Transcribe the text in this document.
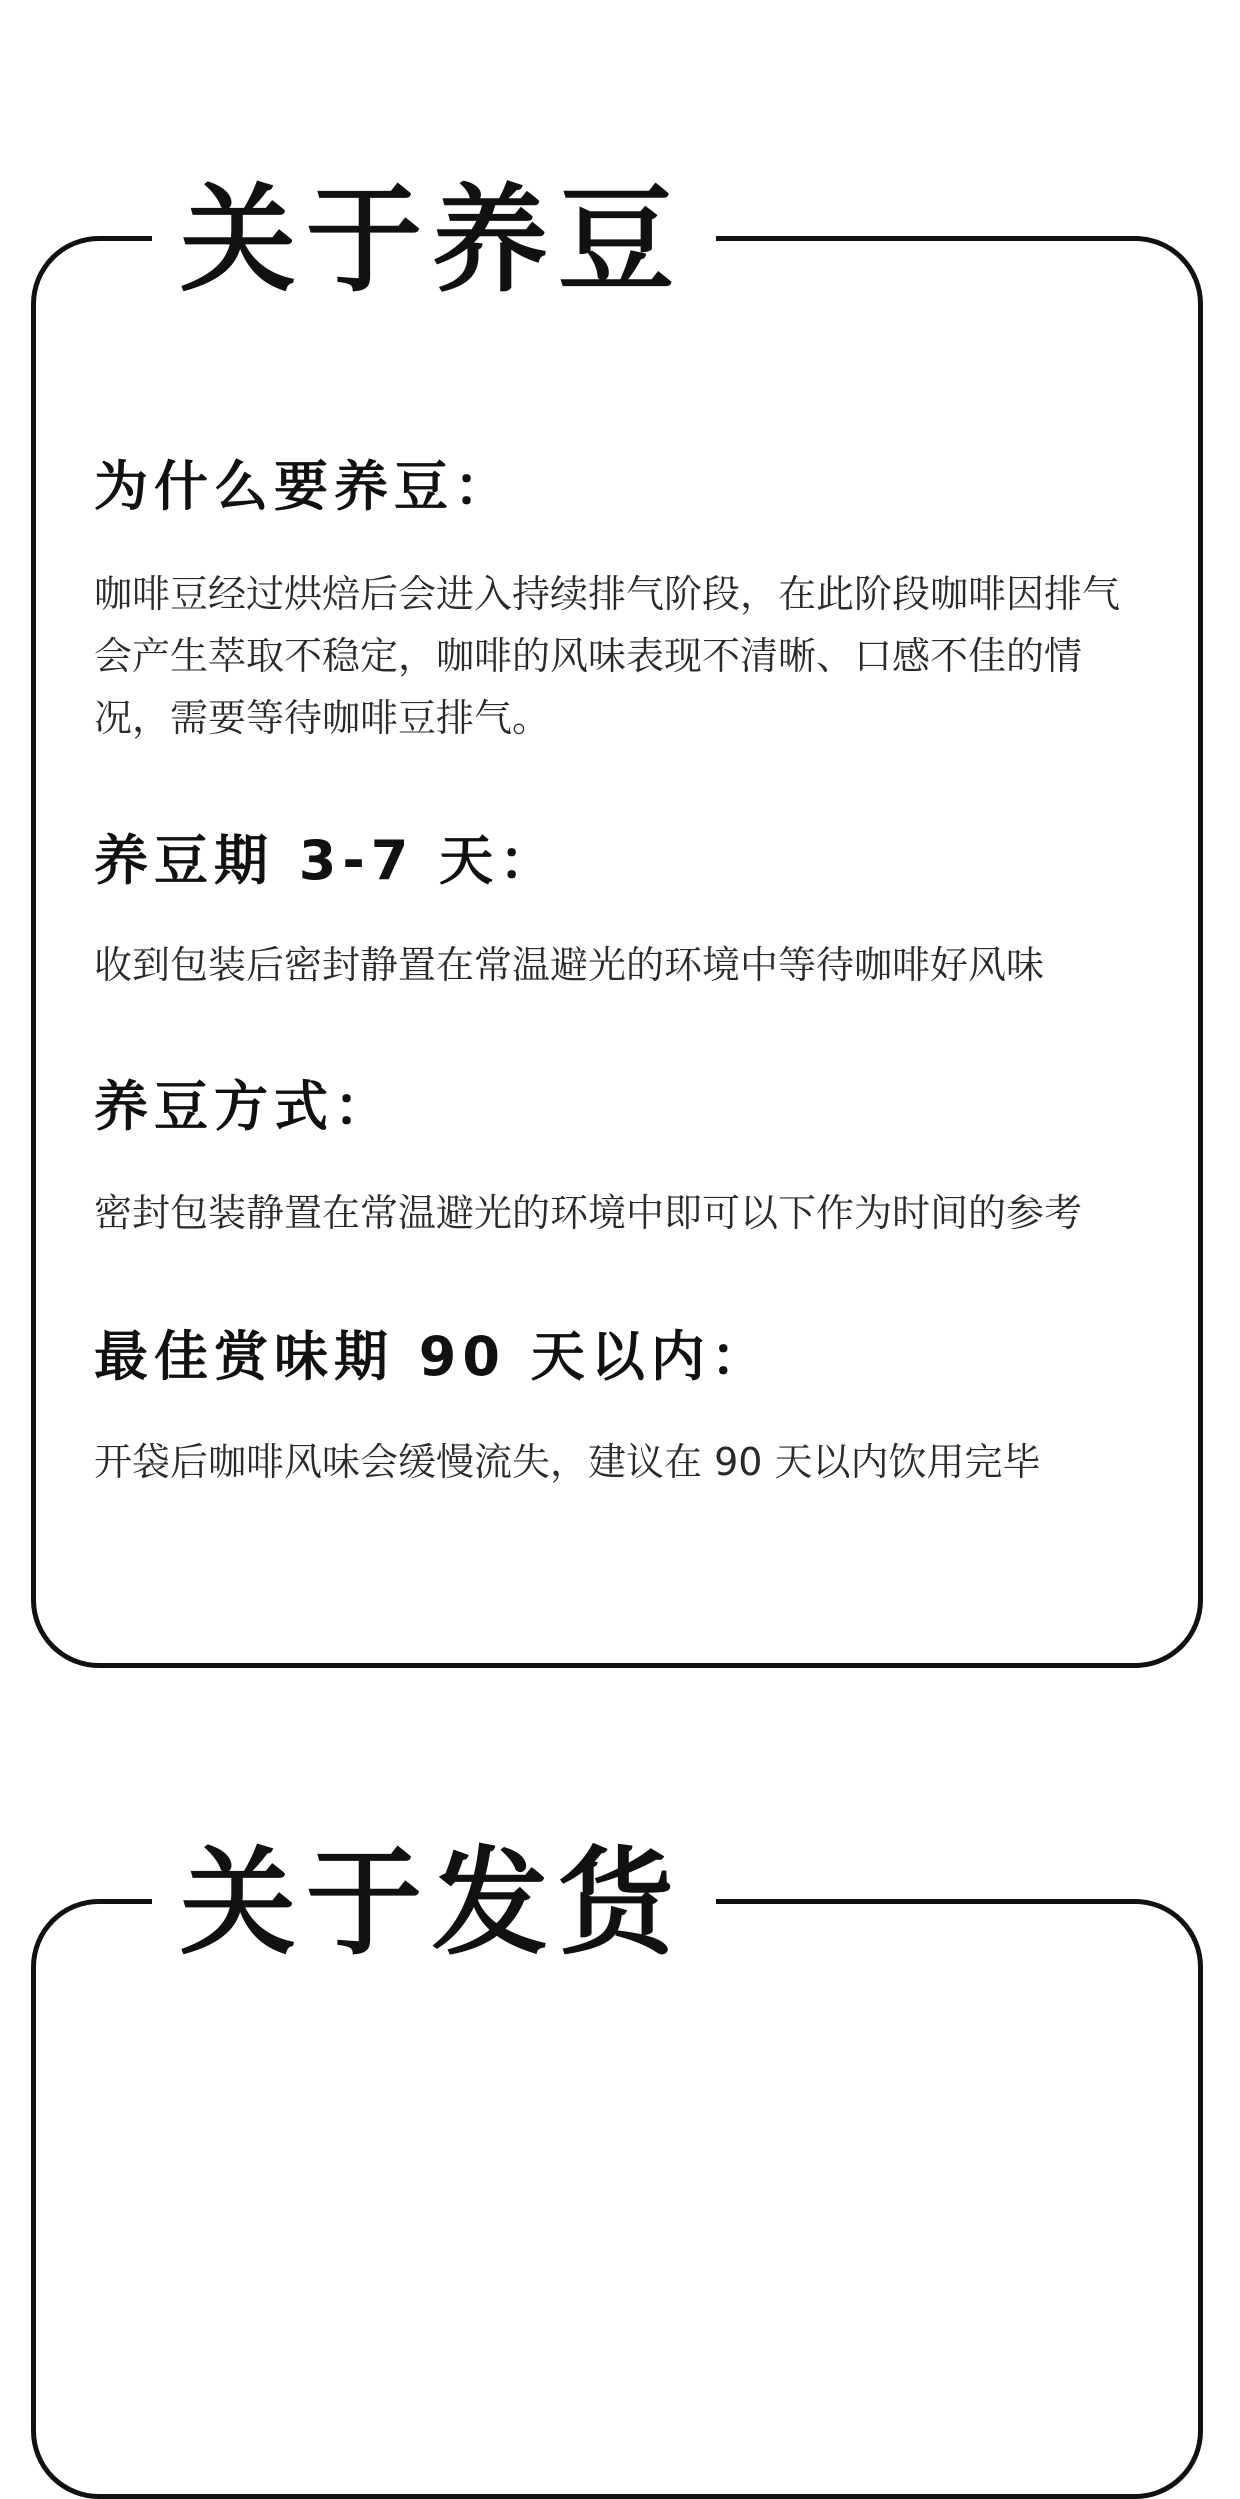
关于养豆
为什么要养豆：

咖啡豆经过烘焙后会进入持续排气阶段，在此阶段咖啡因排气会产生萃取不稳定，咖啡的风味表现不清晰、口感不佳的情况，需要等待咖啡豆排气。

养豆期 3-7 天：

收到包装后密封静置在常温避光的环境中等待咖啡好风味

养豆方式：

密封包装静置在常温避光的环境中即可以下作为时间的参考

最佳赏味期 90 天以内：

开袋后咖啡风味会缓慢流失，建议在 90 天以内饮用完毕

关于发货
